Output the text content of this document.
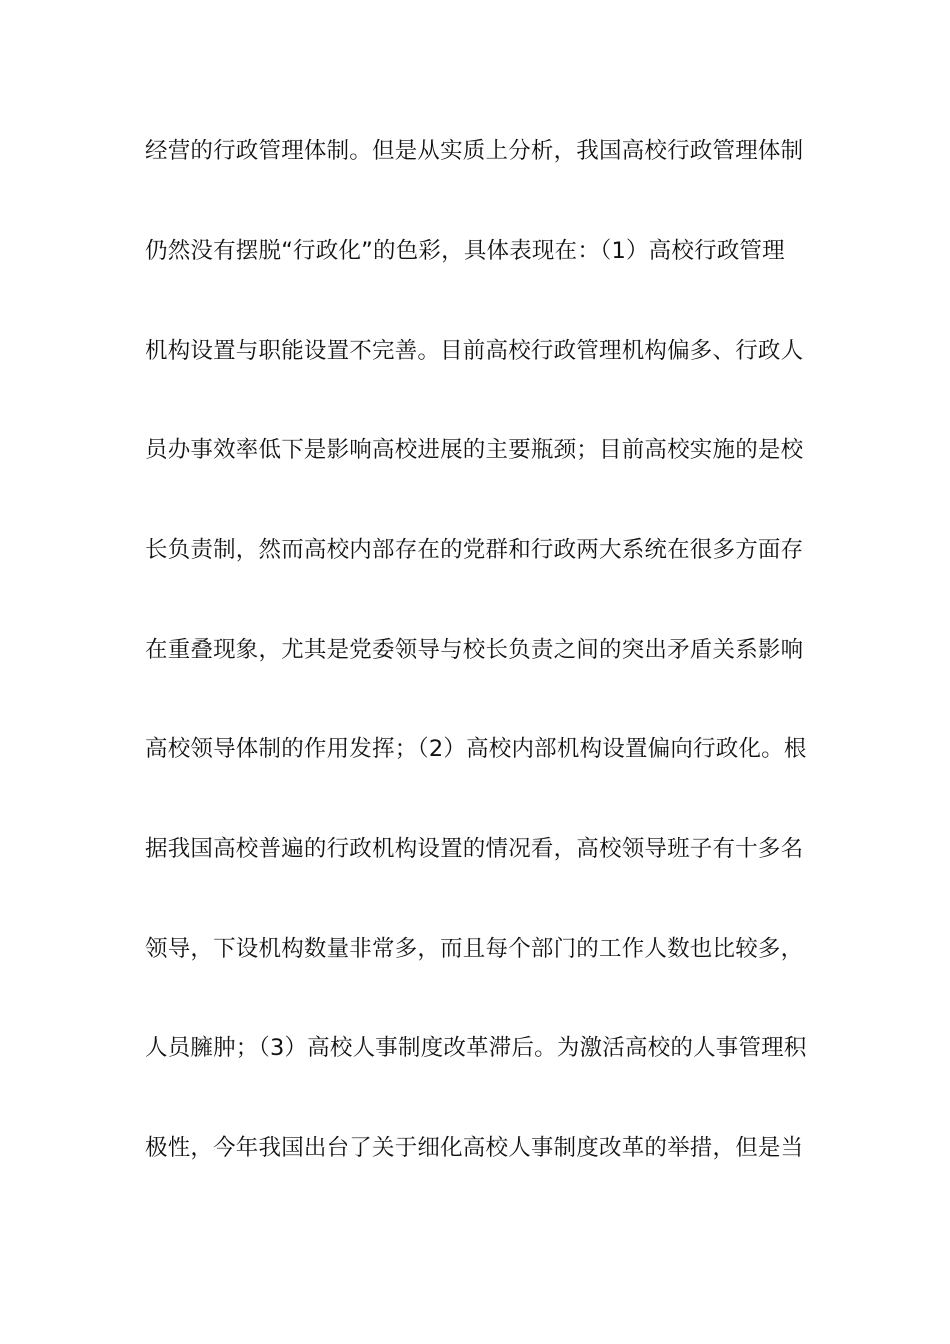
经营的行政管理体制。但是从实质上分析，我国高校行政管理体制
仍然没有摆脱“行政化”的色彩，具体表现在：（1）高校行政管理
机构设置与职能设置不完善。目前高校行政管理机构偏多、行政人
员办事效率低下是影响高校进展的主要瓶颈；目前高校实施的是校
长负责制，然而高校内部存在的党群和行政两大系统在很多方面存
在重叠现象，尤其是党委领导与校长负责之间的突出矛盾关系影响
高校领导体制的作用发挥；（2）高校内部机构设置偏向行政化。根
据我国高校普遍的行政机构设置的情况看，高校领导班子有十多名
领导，下设机构数量非常多，而且每个部门的工作人数也比较多，
人员臃肿；（3）高校人事制度改革滞后。为激活高校的人事管理积
极性，今年我国出台了关于细化高校人事制度改革的举措，但是当
